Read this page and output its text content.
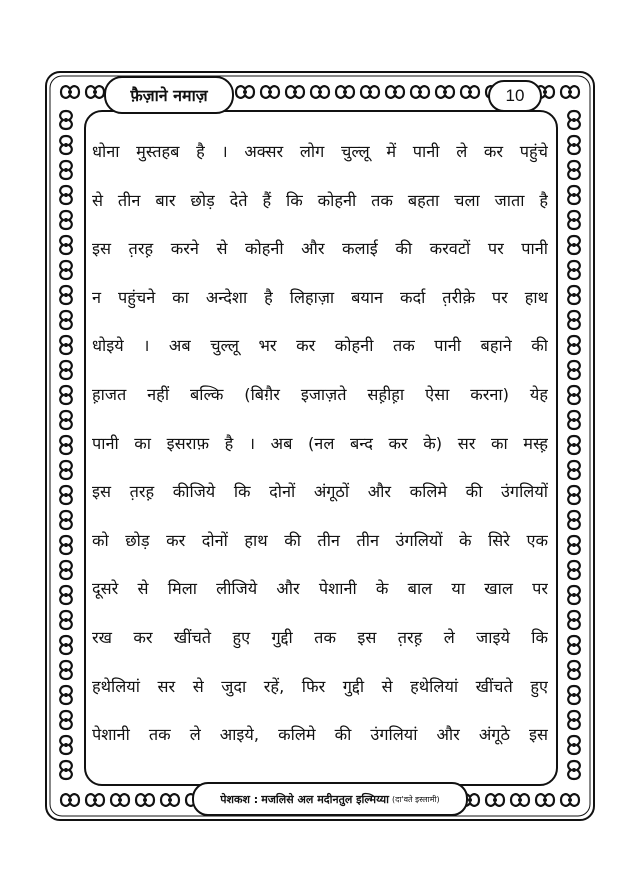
फ़ैज़ाने नमाज़	10
धोना मुस्तहब है । अक्सर लोग चुल्लू में पानी ले कर पहुंचे
से तीन बार छोड़ देते हैं कि कोहनी तक बहता चला जाता है
इस त़रह़ करने से कोहनी और कलाई की करवटों पर पानी
न पहुंचने का अन्देशा है लिहाज़ा बयान कर्दा त़रीक़े पर हाथ
धोइये । अब चुल्लू भर कर कोहनी तक पानी बहाने की
ह़ाजत नहीं बल्कि (बिग़ैर इजाज़ते सह़ीह़ा ऐसा करना) येह
पानी का इसराफ़ है । अब (नल बन्द कर के) सर का मस्ह़
इस त़रह़ कीजिये कि दोनों अंगूठों और कलिमे की उंगलियों
को छोड़ कर दोनों हाथ की तीन तीन उंगलियों के सिरे एक
दूसरे से मिला लीजिये और पेशानी के बाल या खाल पर
रख कर खींचते हुए गुद्दी तक इस त़रह़ ले जाइये कि
हथेलियां सर से जुदा रहें, फिर गुद्दी से हथेलियां खींचते हुए
पेशानी तक ले आइये, कलिमे की उंगलियां और अंगूठे इस
पेशकश : मजलिसे अल मदीनतुल इल्मिय्या (दा'वते इस्लामी)
